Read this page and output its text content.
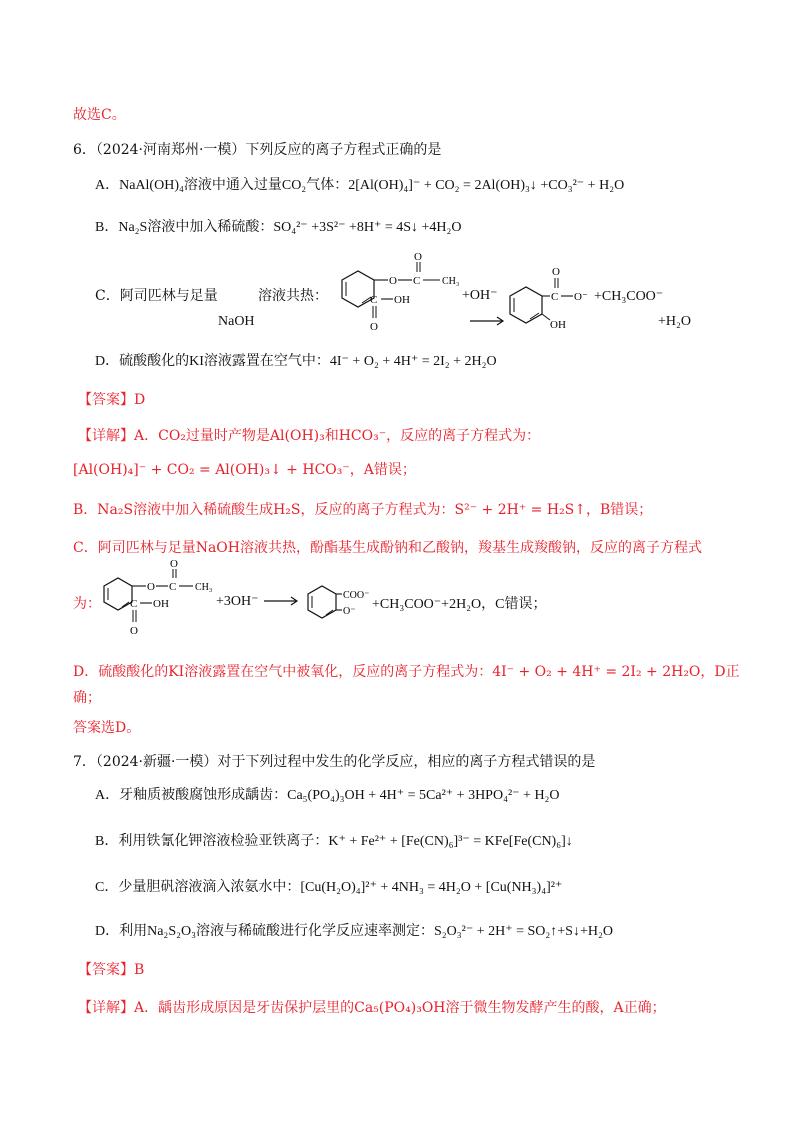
故选C。
6．（2024·河南郑州·一模）下列反应的离子方程式正确的是
A．NaAl(OH)₄溶液中通入过量CO₂气体：2[Al(OH)₄]⁻ + CO₂ = 2Al(OH)₃↓ +CO₃²⁻ + H₂O
B．Na₂S溶液中加入稀硫酸：SO₄²⁻ +3S²⁻ +8H⁺ = 4S↓ +4H₂O
C．阿司匹林与足量
NaOH
溶液共热：
O C
O
CH₃
C OH
O
+OH⁻	C
O
O⁻
OH
+CH₃COO⁻
+H₂O
D．硫酸酸化的KI溶液露置在空气中：4I⁻ + O₂ + 4H⁺ = 2I₂ + 2H₂O
【答案】D
【详解】A．CO₂过量时产物是Al(OH)₃和HCO₃⁻，反应的离子方程式为：
[Al(OH)₄]⁻ + CO₂ = Al(OH)₃↓ + HCO₃⁻，A错误；
B．Na₂S溶液中加入稀硫酸生成H₂S，反应的离子方程式为：S²⁻ + 2H⁺ = H₂S↑，B错误；
C．阿司匹林与足量NaOH溶液共热，酚酯基生成酚钠和乙酸钠，羧基生成羧酸钠，反应的离子方程式
为：
O C
O
CH₃
C OH
O
+3OH⁻	COO⁻
O⁻ +CH₃COO⁻+2H₂O，C错误；
D．硫酸酸化的KI溶液露置在空气中被氧化，反应的离子方程式为：4I⁻ + O₂ + 4H⁺ = 2I₂ + 2H₂O，D正
确；
答案选D。
7．（2024·新疆·一模）对于下列过程中发生的化学反应，相应的离子方程式错误的是
A．牙釉质被酸腐蚀形成龋齿：Ca₅(PO₄)₃OH + 4H⁺ = 5Ca²⁺ + 3HPO₄²⁻ + H₂O
B．利用铁氰化钾溶液检验亚铁离子：K⁺ + Fe²⁺ + [Fe(CN)₆]³⁻ = KFe[Fe(CN)₆]↓
C．少量胆矾溶液滴入浓氨水中：[Cu(H₂O)₄]²⁺ + 4NH₃ = 4H₂O + [Cu(NH₃)₄]²⁺
D．利用Na₂S₂O₃溶液与稀硫酸进行化学反应速率测定：S₂O₃²⁻ + 2H⁺ = SO₂↑+S↓+H₂O
【答案】B
【详解】A．龋齿形成原因是牙齿保护层里的Ca₅(PO₄)₃OH溶于微生物发酵产生的酸，A正确；
